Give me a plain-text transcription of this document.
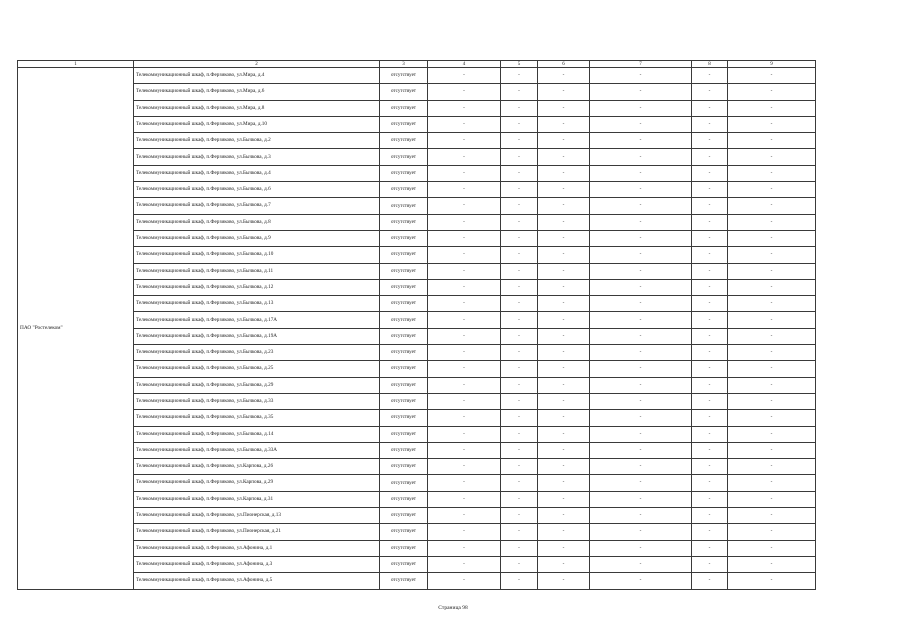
1	2	3	4	5	6	7	8	9
ПАО "Ростелеком"	Телекоммуникационный шкаф, п.Ферзиково, ул.Мира, д.4	отсутствует	-	-	-	-	-	-
	Телекоммуникационный шкаф, п.Ферзиково, ул.Мира, д.6	отсутствует	-	-	-	-	-	-
	Телекоммуникационный шкаф, п.Ферзиково, ул.Мира, д.8	отсутствует	-	-	-	-	-	-
	Телекоммуникационный шкаф, п.Ферзиково, ул.Мира, д.10	отсутствует	-	-	-	-	-	-
	Телекоммуникационный шкаф, п.Ферзиково, ул.Бычкова, д.2	отсутствует	-	-	-	-	-	-
	Телекоммуникационный шкаф, п.Ферзиково, ул.Бычкова, д.3	отсутствует	-	-	-	-	-	-
	Телекоммуникационный шкаф, п.Ферзиково, ул.Бычкова, д.4	отсутствует	-	-	-	-	-	-
	Телекоммуникационный шкаф, п.Ферзиково, ул.Бычкова, д.6	отсутствует	-	-	-	-	-	-
	Телекоммуникационный шкаф, п.Ферзиково, ул.Бычкова, д.7	отсутствует	-	-	-	-	-	-
	Телекоммуникационный шкаф, п.Ферзиково, ул.Бычкова, д.8	отсутствует	-	-	-	-	-	-
	Телекоммуникационный шкаф, п.Ферзиково, ул.Бычкова, д.9	отсутствует	-	-	-	-	-	-
	Телекоммуникационный шкаф, п.Ферзиково, ул.Бычкова, д.10	отсутствует	-	-	-	-	-	-
	Телекоммуникационный шкаф, п.Ферзиково, ул.Бычкова, д.11	отсутствует	-	-	-	-	-	-
	Телекоммуникационный шкаф, п.Ферзиково, ул.Бычкова, д.12	отсутствует	-	-	-	-	-	-
	Телекоммуникационный шкаф, п.Ферзиково, ул.Бычкова, д.13	отсутствует	-	-	-	-	-	-
	Телекоммуникационный шкаф, п.Ферзиково, ул.Бычкова, д.17А	отсутствует	-	-	-	-	-	-
	Телекоммуникационный шкаф, п.Ферзиково, ул.Бычкова, д.19А	отсутствует	-	-	-	-	-	-
	Телекоммуникационный шкаф, п.Ферзиково, ул.Бычкова, д.23	отсутствует	-	-	-	-	-	-
	Телекоммуникационный шкаф, п.Ферзиково, ул.Бычкова, д.25	отсутствует	-	-	-	-	-	-
	Телекоммуникационный шкаф, п.Ферзиково, ул.Бычкова, д.29	отсутствует	-	-	-	-	-	-
	Телекоммуникационный шкаф, п.Ферзиково, ул.Бычкова, д.33	отсутствует	-	-	-	-	-	-
	Телекоммуникационный шкаф, п.Ферзиково, ул.Бычкова, д.35	отсутствует	-	-	-	-	-	-
	Телекоммуникационный шкаф, п.Ферзиково, ул.Бычкова, д.14	отсутствует	-	-	-	-	-	-
	Телекоммуникационный шкаф, п.Ферзиково, ул.Бычкова, д.33А	отсутствует	-	-	-	-	-	-
	Телекоммуникационный шкаф, п.Ферзиково, ул.Карпова, д.26	отсутствует	-	-	-	-	-	-
	Телекоммуникационный шкаф, п.Ферзиково, ул.Карпова, д.29	отсутствует	-	-	-	-	-	-
	Телекоммуникационный шкаф, п.Ферзиково, ул.Карпова, д.31	отсутствует	-	-	-	-	-	-
	Телекоммуникационный шкаф, п.Ферзиково, ул.Пионерская, д.13	отсутствует	-	-	-	-	-	-
	Телекоммуникационный шкаф, п.Ферзиково, ул.Пионерская, д.21	отсутствует	-	-	-	-	-	-
	Телекоммуникационный шкаф, п.Ферзиково, ул.Афонина, д.1	отсутствует	-	-	-	-	-	-
	Телекоммуникационный шкаф, п.Ферзиково, ул.Афонина, д.3	отсутствует	-	-	-	-	-	-
	Телекоммуникационный шкаф, п.Ферзиково, ул.Афонина, д.5	отсутствует	-	-	-	-	-	-
Страница 98
